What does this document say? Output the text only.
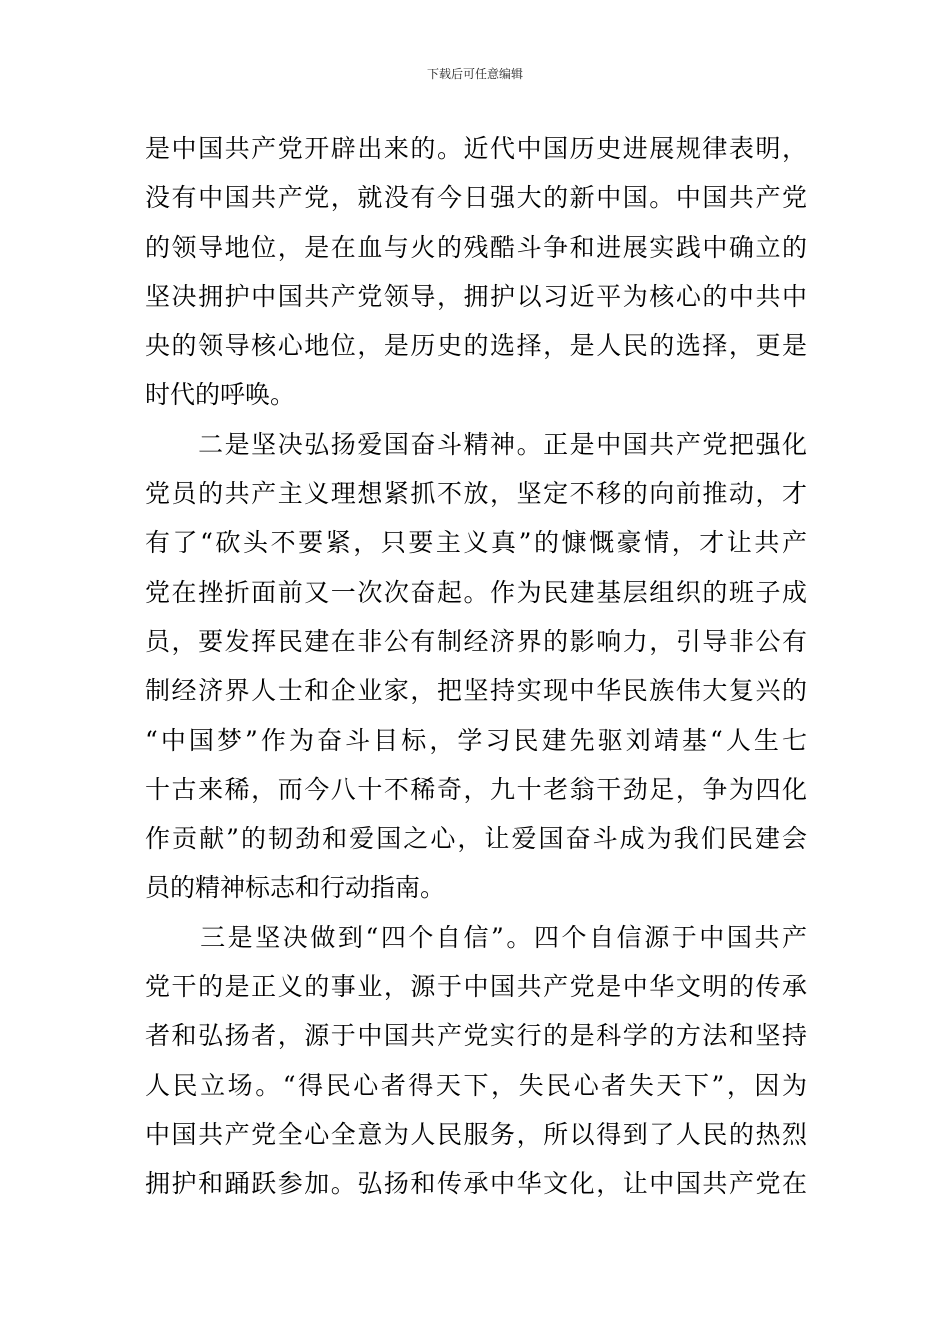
下载后可任意编辑
是中国共产党开辟出来的。近代中国历史进展规律表明，
没有中国共产党，就没有今日强大的新中国。中国共产党
的领导地位，是在血与火的残酷斗争和进展实践中确立的
坚决拥护中国共产党领导，拥护以习近平为核心的中共中
央的领导核心地位，是历史的选择，是人民的选择，更是
时代的呼唤。
　　二是坚决弘扬爱国奋斗精神。正是中国共产党把强化
党员的共产主义理想紧抓不放，坚定不移的向前推动，才
有了“砍头不要紧，只要主义真”的慷慨豪情，才让共产
党在挫折面前又一次次奋起。作为民建基层组织的班子成
员，要发挥民建在非公有制经济界的影响力，引导非公有
制经济界人士和企业家，把坚持实现中华民族伟大复兴的
“中国梦”作为奋斗目标，学习民建先驱刘靖基“人生七
十古来稀，而今八十不稀奇，九十老翁干劲足，争为四化
作贡献”的韧劲和爱国之心，让爱国奋斗成为我们民建会
员的精神标志和行动指南。
　　三是坚决做到“四个自信”。四个自信源于中国共产
党干的是正义的事业，源于中国共产党是中华文明的传承
者和弘扬者，源于中国共产党实行的是科学的方法和坚持
人民立场。“得民心者得天下，失民心者失天下”，因为
中国共产党全心全意为人民服务，所以得到了人民的热烈
拥护和踊跃参加。弘扬和传承中华文化，让中国共产党在
